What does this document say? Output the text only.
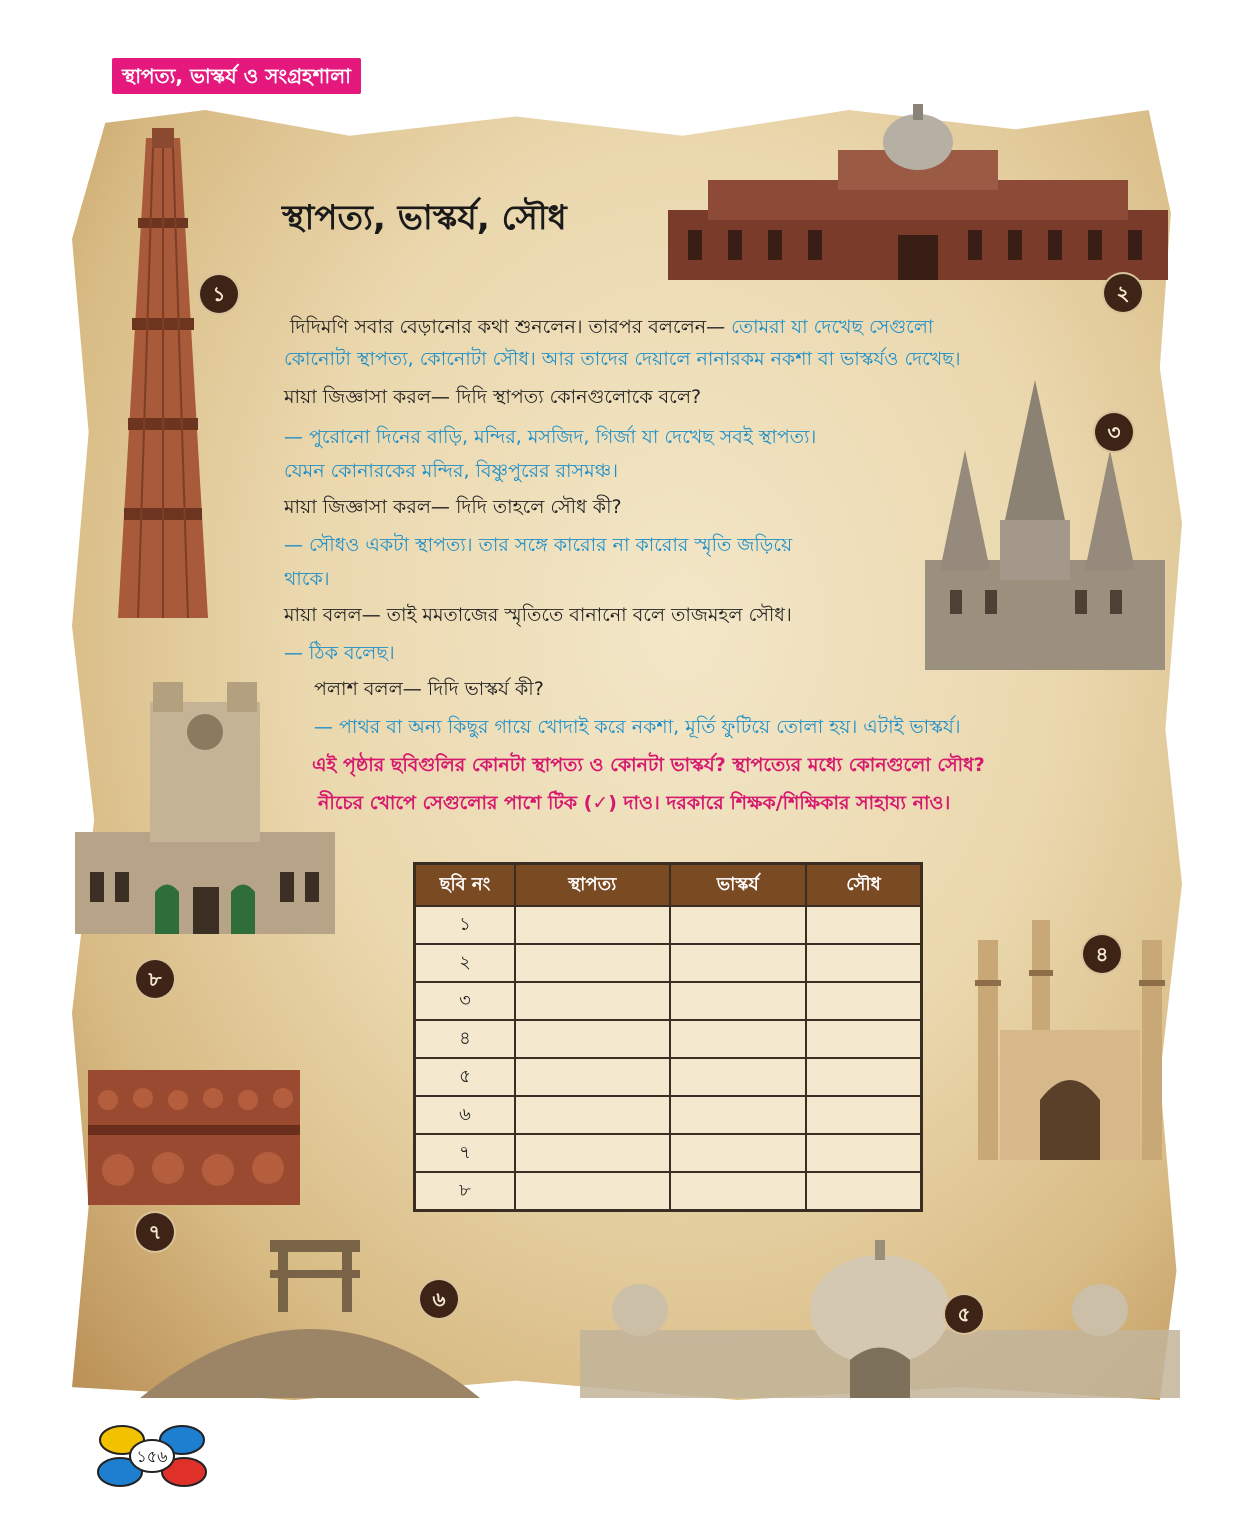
স্থাপত্য, ভাস্কর্য ও সংগ্রহশালা
স্থাপত্য, ভাস্কর্য, সৌধ
১	২
৩
৪
৫
৬
৭
৮
দিদিমণি সবার বেড়ানোর কথা শুনলেন। তারপর বললেন— তোমরা যা দেখেছ সেগুলো
কোনোটা স্থাপত্য, কোনোটা সৌধ। আর তাদের দেয়ালে নানারকম নকশা বা ভাস্কর্যও দেখেছ।
মায়া জিজ্ঞাসা করল— দিদি স্থাপত্য কোনগুলোকে বলে?
— পুরোনো দিনের বাড়ি, মন্দির, মসজিদ, গির্জা যা দেখেছ সবই স্থাপত্য।
যেমন কোনারকের মন্দির, বিষ্ণুপুরের রাসমঞ্চ।
মায়া জিজ্ঞাসা করল— দিদি তাহলে সৌধ কী?
— সৌধও একটা স্থাপত্য। তার সঙ্গে কারোর না কারোর স্মৃতি জড়িয়ে
থাকে।
মায়া বলল— তাই মমতাজের স্মৃতিতে বানানো বলে তাজমহল সৌধ।
— ঠিক বলেছ।
পলাশ বলল— দিদি ভাস্কর্য কী?
— পাথর বা অন্য কিছুর গায়ে খোদাই করে নকশা, মূর্তি ফুটিয়ে তোলা হয়। এটাই ভাস্কর্য।
এই পৃষ্ঠার ছবিগুলির কোনটা স্থাপত্য ও কোনটা ভাস্কর্য? স্থাপত্যের মধ্যে কোনগুলো সৌধ?
নীচের খোপে সেগুলোর পাশে টিক (✓) দাও। দরকারে শিক্ষক/শিক্ষিকার সাহায্য নাও।
ছবি নং	স্থাপত্য	ভাস্কর্য	সৌধ
১			
২			
৩			
৪			
৫			
৬			
৭			
৮			
১৫৬
